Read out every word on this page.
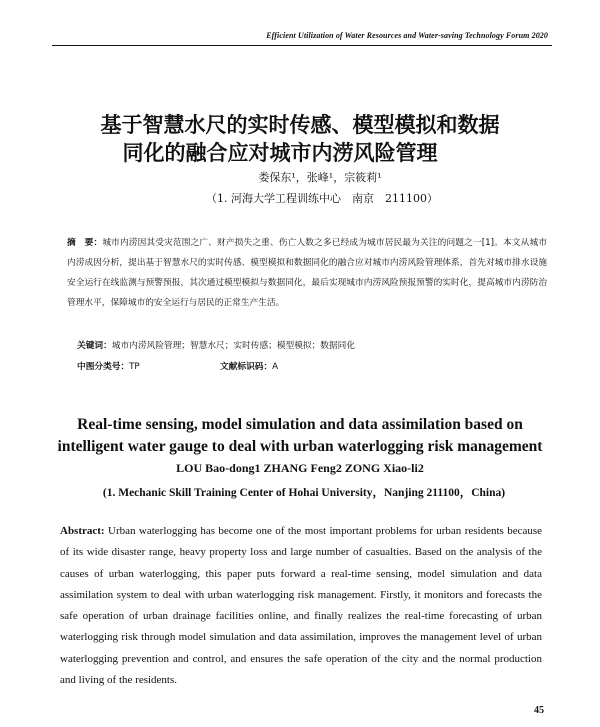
Efficient Utilization of Water Resources and Water-saving Technology Forum 2020
基于智慧水尺的实时传感、模型模拟和数据
同化的融合应对城市内涝风险管理
娄保东¹，张峰¹，宗筱莉¹
（1. 河海大学工程训练中心　南京　211100）
摘　要：城市内涝因其受灾范围之广、财产损失之重、伤亡人数之多已经成为城市居民最为关注的问题之一[1]。本文从城市内涝成因分析，提出基于智慧水尺的实时传感、模型模拟和数据同化的融合应对城市内涝风险管理体系，首先对城市排水设施安全运行在线监测与预警预报，其次通过模型模拟与数据同化，最后实现城市内涝风险预报预警的实时化，提高城市内涝防治管理水平，保障城市的安全运行与居民的正常生产生活。
关键词：城市内涝风险管理；智慧水尺；实时传感；模型模拟；数据同化
中图分类号：TP	文献标识码：A
Real-time sensing, model simulation and data assimilation based on
intelligent water gauge to deal with urban waterlogging risk management
LOU Bao-dong1 ZHANG Feng2 ZONG Xiao-li2
(1. Mechanic Skill Training Center of Hohai University，Nanjing 211100，China)
Abstract: Urban waterlogging has become one of the most important problems for urban residents because of its wide disaster range, heavy property loss and large number of casualties. Based on the analysis of the causes of urban waterlogging, this paper puts forward a real-time sensing, model simulation and data assimilation system to deal with urban waterlogging risk management. Firstly, it monitors and forecasts the safe operation of urban drainage facilities online, and finally realizes the real-time forecasting of urban waterlogging risk through model simulation and data assimilation, improves the management level of urban waterlogging prevention and control, and ensures the safe operation of the city and the normal production and living of the residents.
45
